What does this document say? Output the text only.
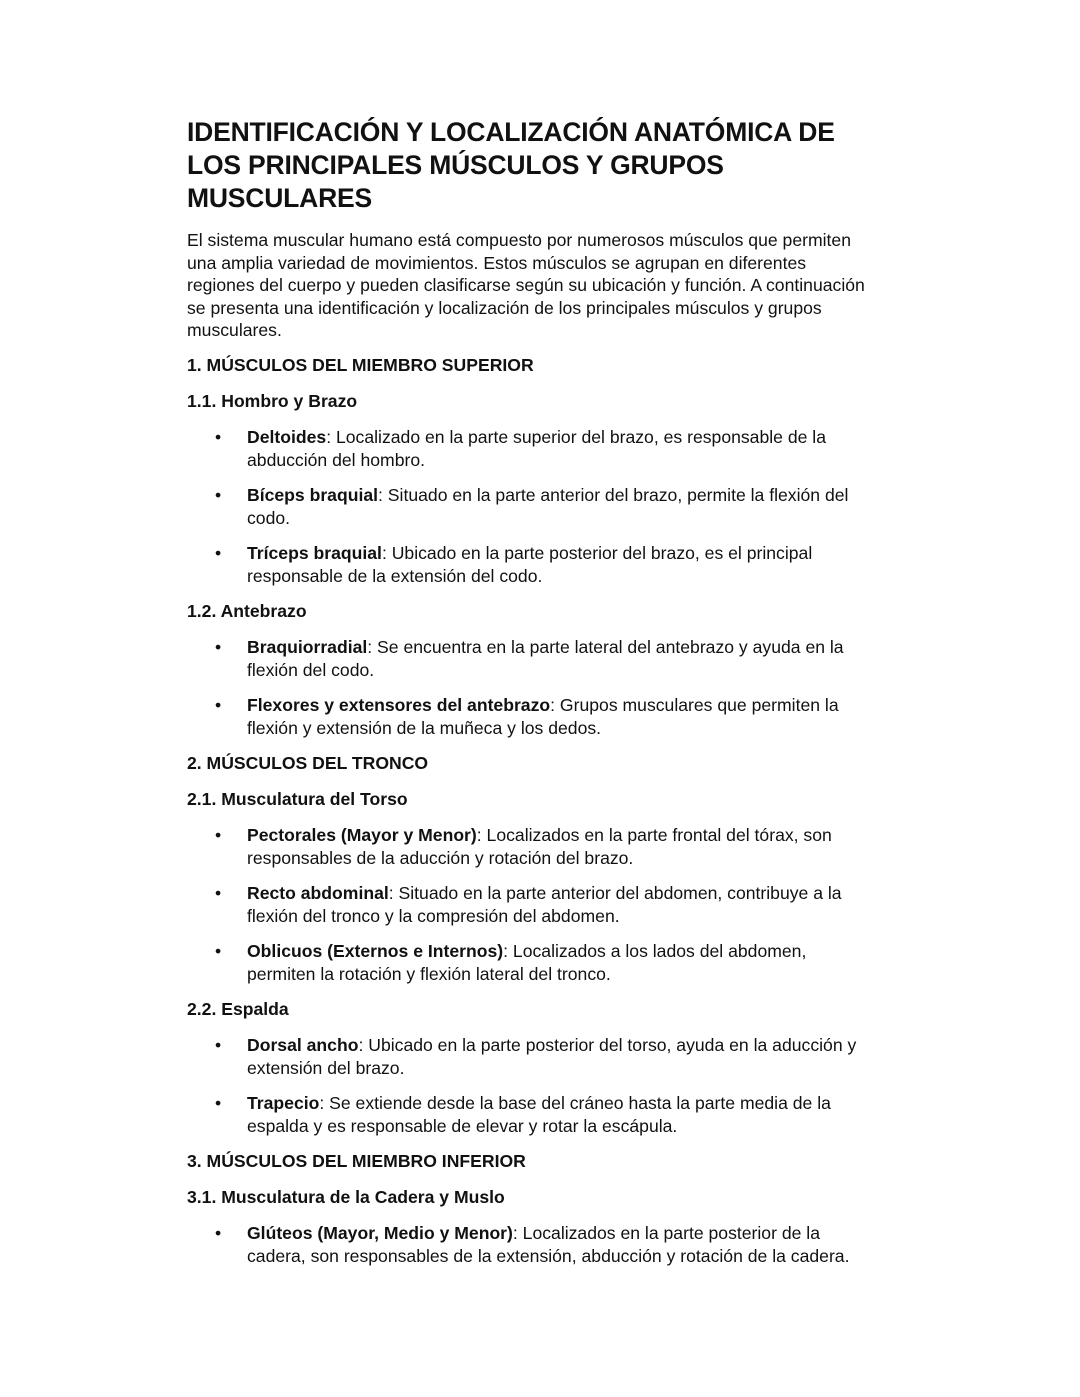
IDENTIFICACIÓN Y LOCALIZACIÓN ANATÓMICA DE
LOS PRINCIPALES MÚSCULOS Y GRUPOS
MUSCULARES

El sistema muscular humano está compuesto por numerosos músculos que permiten
una amplia variedad de movimientos. Estos músculos se agrupan en diferentes
regiones del cuerpo y pueden clasificarse según su ubicación y función. A continuación
se presenta una identificación y localización de los principales músculos y grupos
musculares.

1. MÚSCULOS DEL MIEMBRO SUPERIOR
1.1. Hombro y Brazo
• Deltoides: Localizado en la parte superior del brazo, es responsable de la
abducción del hombro.
• Bíceps braquial: Situado en la parte anterior del brazo, permite la flexión del
codo.
• Tríceps braquial: Ubicado en la parte posterior del brazo, es el principal
responsable de la extensión del codo.
1.2. Antebrazo
• Braquiorradial: Se encuentra en la parte lateral del antebrazo y ayuda en la
flexión del codo.
• Flexores y extensores del antebrazo: Grupos musculares que permiten la
flexión y extensión de la muñeca y los dedos.
2. MÚSCULOS DEL TRONCO
2.1. Musculatura del Torso
• Pectorales (Mayor y Menor): Localizados en la parte frontal del tórax, son
responsables de la aducción y rotación del brazo.
• Recto abdominal: Situado en la parte anterior del abdomen, contribuye a la
flexión del tronco y la compresión del abdomen.
• Oblicuos (Externos e Internos): Localizados a los lados del abdomen,
permiten la rotación y flexión lateral del tronco.
2.2. Espalda
• Dorsal ancho: Ubicado en la parte posterior del torso, ayuda en la aducción y
extensión del brazo.
• Trapecio: Se extiende desde la base del cráneo hasta la parte media de la
espalda y es responsable de elevar y rotar la escápula.
3. MÚSCULOS DEL MIEMBRO INFERIOR
3.1. Musculatura de la Cadera y Muslo
• Glúteos (Mayor, Medio y Menor): Localizados en la parte posterior de la
cadera, son responsables de la extensión, abducción y rotación de la cadera.
